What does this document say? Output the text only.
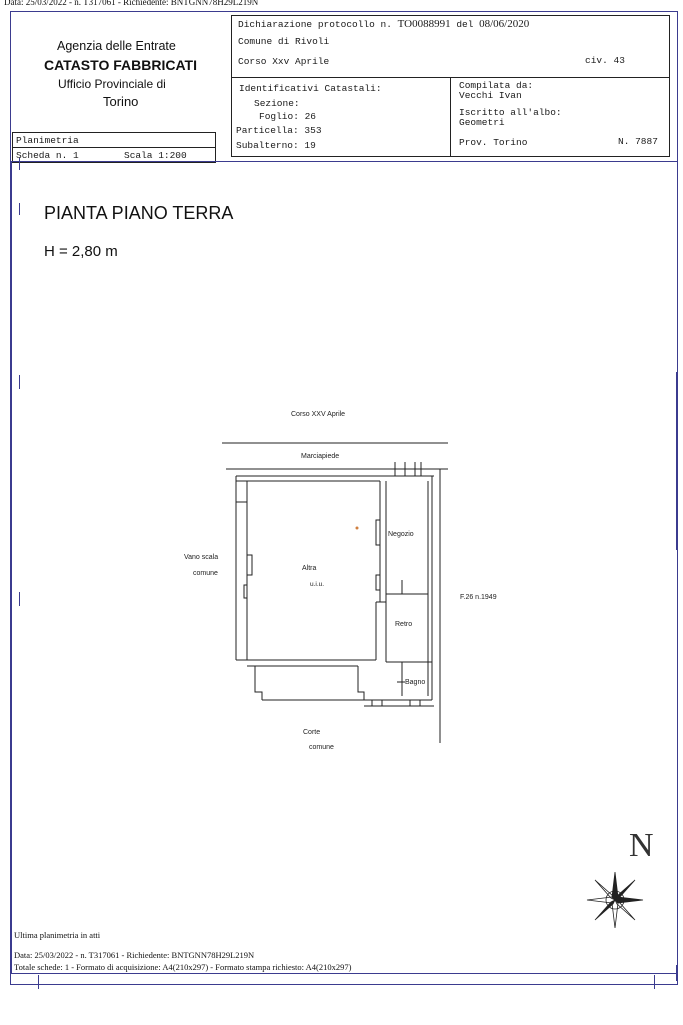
Data: 25/03/2022 - n. T317061 - Richiedente: BNTGNN78H29L219N
Agenzia delle Entrate
CATASTO FABBRICATI
Ufficio Provinciale di
Torino
Dichiarazione protocollo n. TO0088991 del 08/06/2020
Comune di Rivoli
Corso Xxv Aprile	civ. 43
Identificativi Catastali:
Sezione:
Foglio: 26
Particella: 353
Subalterno: 19
Compilata da:
Vecchi Ivan
Iscritto all'albo:
Geometri
Prov. Torino	N. 7887
Planimetria
Scheda n. 1	Scala 1:200
PIANTA PIANO TERRA
H = 2,80 m
Corso XXV Aprile
Marciapiede
Negozio
Altra
u.i.u.
Vano scala
comune
F.26 n.1949
Retro
Bagno
Corte
comune
N
Ultima planimetria in atti
Data: 25/03/2022 - n. T317061 - Richiedente: BNTGNN78H29L219N
Totale schede: 1 - Formato di acquisizione: A4(210x297) - Formato stampa richiesto: A4(210x297)
